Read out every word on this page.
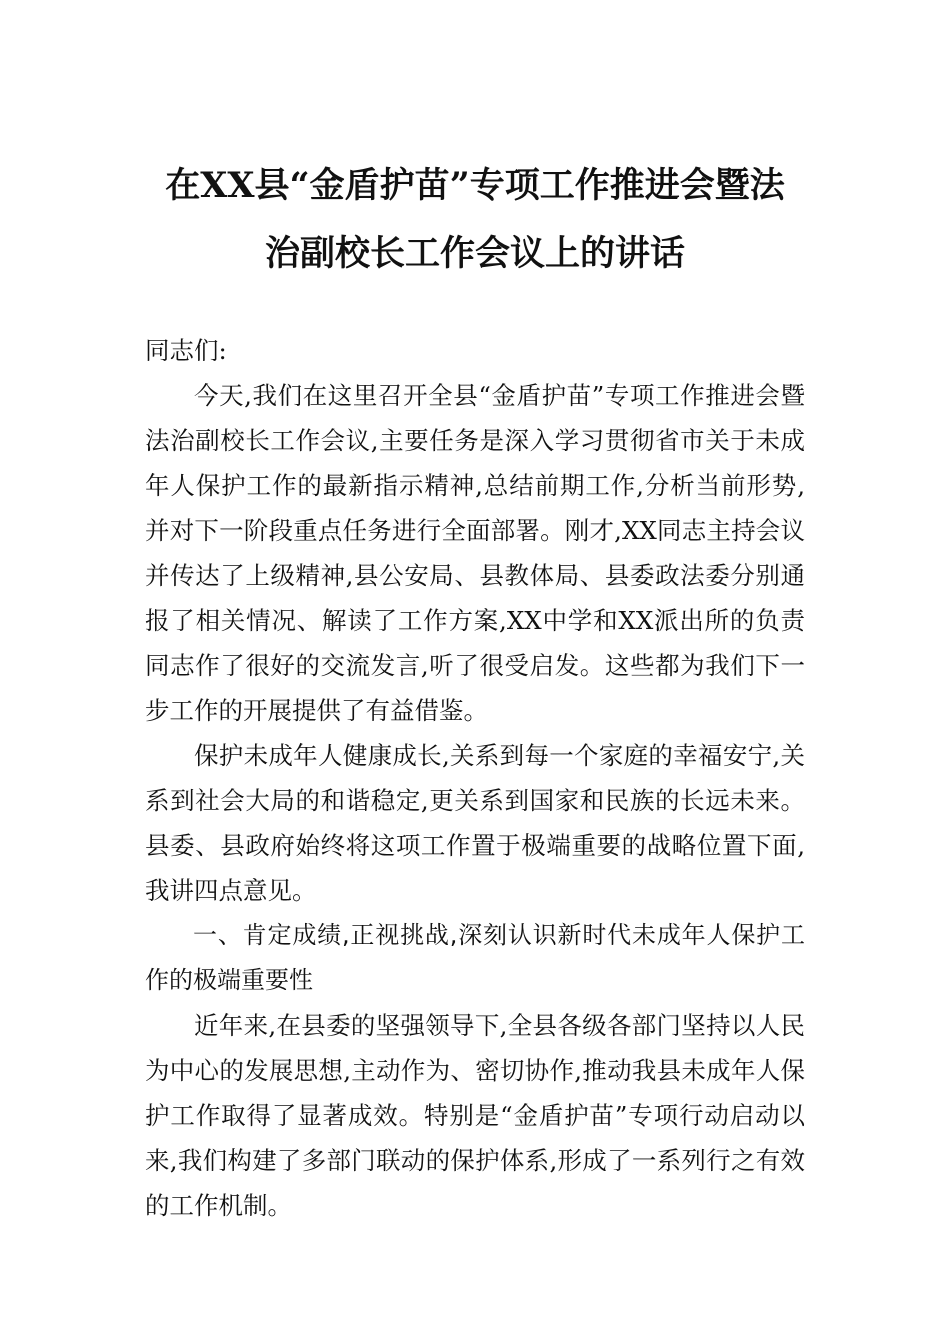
在XX县“金盾护苗”专项工作推进会暨法
治副校长工作会议上的讲话

同志们:

今天,我们在这里召开全县“金盾护苗”专项工作推进会暨法治副校长工作会议,主要任务是深入学习贯彻省市关于未成年人保护工作的最新指示精神,总结前期工作,分析当前形势,并对下一阶段重点任务进行全面部署。刚才,XX同志主持会议并传达了上级精神,县公安局、县教体局、县委政法委分别通报了相关情况、解读了工作方案,XX中学和XX派出所的负责同志作了很好的交流发言,听了很受启发。这些都为我们下一步工作的开展提供了有益借鉴。

保护未成年人健康成长,关系到每一个家庭的幸福安宁,关系到社会大局的和谐稳定,更关系到国家和民族的长远未来。县委、县政府始终将这项工作置于极端重要的战略位置下面,我讲四点意见。

一、肯定成绩,正视挑战,深刻认识新时代未成年人保护工作的极端重要性

近年来,在县委的坚强领导下,全县各级各部门坚持以人民为中心的发展思想,主动作为、密切协作,推动我县未成年人保护工作取得了显著成效。特别是“金盾护苗”专项行动启动以来,我们构建了多部门联动的保护体系,形成了一系列行之有效的工作机制。
